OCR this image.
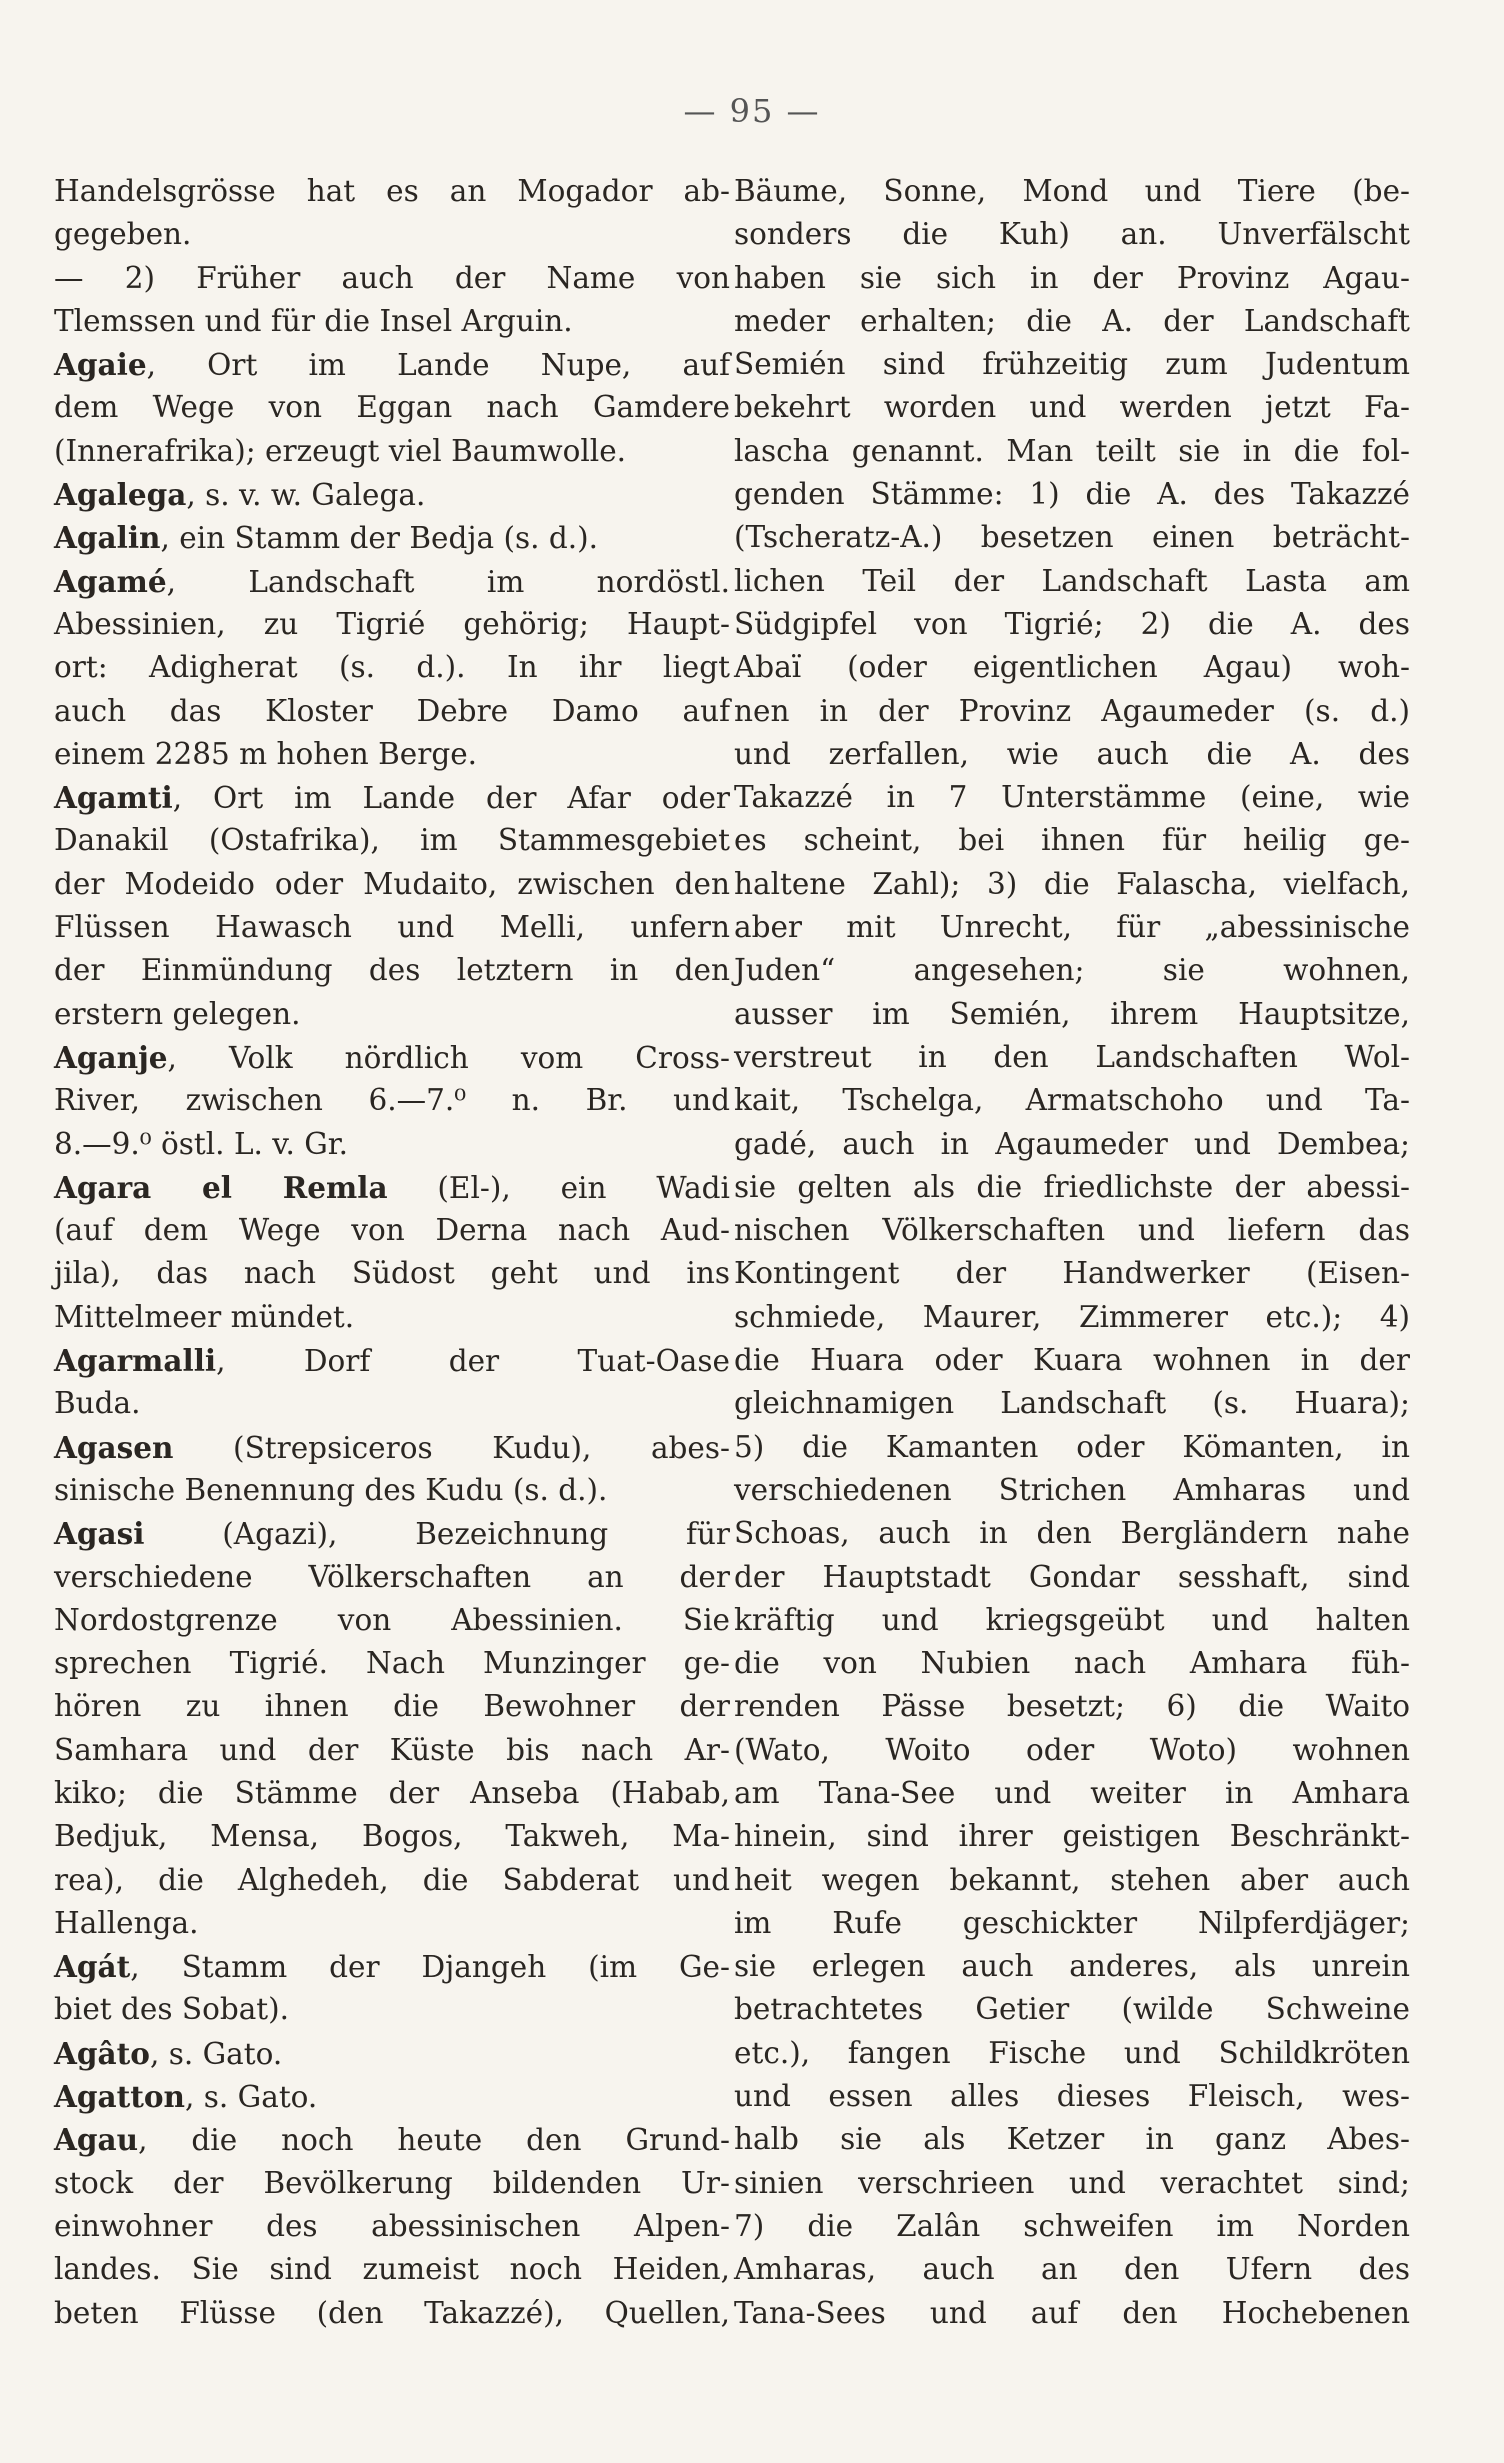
— 95 —
Handelsgrösse hat es an Mogador ab-
gegeben.
— 2) Früher auch der Name von
Tlemssen und für die Insel Arguin.
Agaie, Ort im Lande Nupe, auf
dem Wege von Eggan nach Gamdere
(Innerafrika); erzeugt viel Baumwolle.
Agalega, s. v. w. Galega.
Agalin, ein Stamm der Bedja (s. d.).
Agamé, Landschaft im nordöstl.
Abessinien, zu Tigrié gehörig; Haupt-
ort: Adigherat (s. d.). In ihr liegt
auch das Kloster Debre Damo auf
einem 2285 m hohen Berge.
Agamti, Ort im Lande der Afar oder
Danakil (Ostafrika), im Stammesgebiet
der Modeido oder Mudaito, zwischen den
Flüssen Hawasch und Melli, unfern
der Einmündung des letztern in den
erstern gelegen.
Aganje, Volk nördlich vom Cross-
River, zwischen 6.—7.⁰ n. Br. und
8.—9.⁰ östl. L. v. Gr.
Agara el Remla (El-), ein Wadi
(auf dem Wege von Derna nach Aud-
jila), das nach Südost geht und ins
Mittelmeer mündet.
Agarmalli, Dorf der Tuat-Oase
Buda.
Agasen (Strepsiceros Kudu), abes-
sinische Benennung des Kudu (s. d.).
Agasi (Agazi), Bezeichnung für
verschiedene Völkerschaften an der
Nordostgrenze von Abessinien. Sie
sprechen Tigrié. Nach Munzinger ge-
hören zu ihnen die Bewohner der
Samhara und der Küste bis nach Ar-
kiko; die Stämme der Anseba (Habab,
Bedjuk, Mensa, Bogos, Takweh, Ma-
rea), die Alghedeh, die Sabderat und
Hallenga.
Agát, Stamm der Djangeh (im Ge-
biet des Sobat).
Agâto, s. Gato.
Agatton, s. Gato.
Agau, die noch heute den Grund-
stock der Bevölkerung bildenden Ur-
einwohner des abessinischen Alpen-
landes. Sie sind zumeist noch Heiden,
beten Flüsse (den Takazzé), Quellen,
Bäume, Sonne, Mond und Tiere (be-
sonders die Kuh) an. Unverfälscht
haben sie sich in der Provinz Agau-
meder erhalten; die A. der Landschaft
Semién sind frühzeitig zum Judentum
bekehrt worden und werden jetzt Fa-
lascha genannt. Man teilt sie in die fol-
genden Stämme: 1) die A. des Takazzé
(Tscheratz-A.) besetzen einen beträcht-
lichen Teil der Landschaft Lasta am
Südgipfel von Tigrié; 2) die A. des
Abaï (oder eigentlichen Agau) woh-
nen in der Provinz Agaumeder (s. d.)
und zerfallen, wie auch die A. des
Takazzé in 7 Unterstämme (eine, wie
es scheint, bei ihnen für heilig ge-
haltene Zahl); 3) die Falascha, vielfach,
aber mit Unrecht, für „abessinische
Juden“ angesehen; sie wohnen,
ausser im Semién, ihrem Hauptsitze,
verstreut in den Landschaften Wol-
kait, Tschelga, Armatschoho und Ta-
gadé, auch in Agaumeder und Dembea;
sie gelten als die friedlichste der abessi-
nischen Völkerschaften und liefern das
Kontingent der Handwerker (Eisen-
schmiede, Maurer, Zimmerer etc.); 4)
die Huara oder Kuara wohnen in der
gleichnamigen Landschaft (s. Huara);
5) die Kamanten oder Kömanten, in
verschiedenen Strichen Amharas und
Schoas, auch in den Bergländern nahe
der Hauptstadt Gondar sesshaft, sind
kräftig und kriegsgeübt und halten
die von Nubien nach Amhara füh-
renden Pässe besetzt; 6) die Waito
(Wato, Woito oder Woto) wohnen
am Tana-See und weiter in Amhara
hinein, sind ihrer geistigen Beschränkt-
heit wegen bekannt, stehen aber auch
im Rufe geschickter Nilpferdjäger;
sie erlegen auch anderes, als unrein
betrachtetes Getier (wilde Schweine
etc.), fangen Fische und Schildkröten
und essen alles dieses Fleisch, wes-
halb sie als Ketzer in ganz Abes-
sinien verschrieen und verachtet sind;
7) die Zalân schweifen im Norden
Amharas, auch an den Ufern des
Tana-Sees und auf den Hochebenen
